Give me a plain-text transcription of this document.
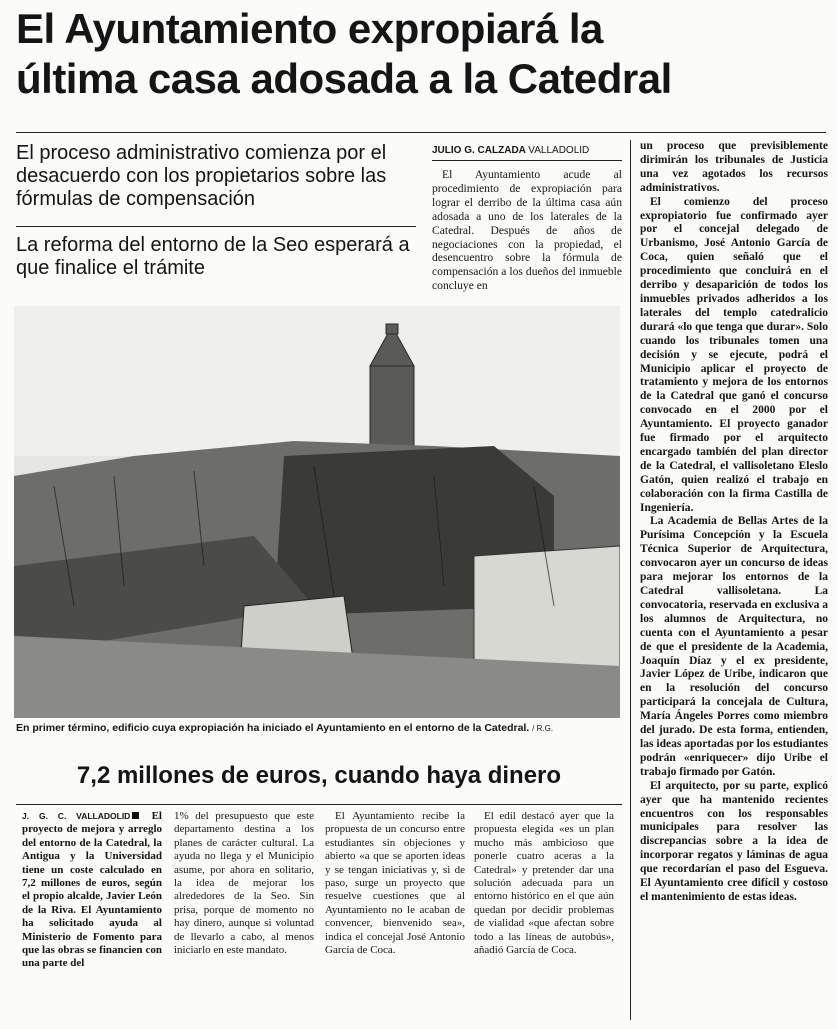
El Ayuntamiento expropiará la
última casa adosada a la Catedral

El proceso administrativo comienza por el desacuerdo con los propietarios sobre las fórmulas de compensación

La reforma del entorno de la Seo esperará a que finalice el trámite

JULIO G. CALZADA VALLADOLID

El Ayuntamiento acude al procedimiento de expropiación para lograr el derribo de la última casa aún adosada a uno de los laterales de la Catedral. Después de años de negociaciones con la propiedad, el desencuentro sobre la fórmula de compensación a los dueños del inmueble concluye en

un proceso que previsiblemente dirimirán los tribunales de Justicia una vez agotados los recursos administrativos.

El comienzo del proceso expropiatorio fue confirmado ayer por el concejal delegado de Urbanismo, José Antonio García de Coca, quien señaló que el procedimiento que concluirá en el derribo y desaparición de todos los inmuebles privados adheridos a los laterales del templo catedralicio durará «lo que tenga que durar». Solo cuando los tribunales tomen una decisión y se ejecute, podrá el Municipio aplicar el proyecto de tratamiento y mejora de los entornos de la Catedral que ganó el concurso convocado en el 2000 por el Ayuntamiento. El proyecto ganador fue firmado por el arquitecto encargado también del plan director de la Catedral, el vallisoletano Eleslo Gatón, quien realizó el trabajo en colaboración con la firma Castilla de Ingeniería.

La Academia de Bellas Artes de la Purísima Concepción y la Escuela Técnica Superior de Arquitectura, convocaron ayer un concurso de ideas para mejorar los entornos de la Catedral vallisoletana. La convocatoria, reservada en exclusiva a los alumnos de Arquitectura, no cuenta con el Ayuntamiento a pesar de que el presidente de la Academia, Joaquín Díaz y el ex presidente, Javier López de Uribe, indicaron que en la resolución del concurso participará la concejala de Cultura, María Ángeles Porres como miembro del jurado. De esta forma, entienden, las ideas aportadas por los estudiantes podrán «enriquecer» dijo Uribe el trabajo firmado por Gatón.

El arquitecto, por su parte, explicó ayer que ha mantenido recientes encuentros con los responsables municipales para resolver las discrepancias sobre a la idea de incorporar regatos y láminas de agua que recordarían el paso del Esgueva. El Ayuntamiento cree difícil y costoso el mantenimiento de estas ideas.

En primer término, edificio cuya expropiación ha iniciado el Ayuntamiento en el entorno de la Catedral. / R.G.
7,2 millones de euros, cuando haya dinero

J. G. C. VALLADOLID El proyecto de mejora y arreglo del entorno de la Catedral, la Antigua y la Universidad tiene un coste calculado en 7,2 millones de euros, según el propio alcalde, Javier León de la Riva. El Ayuntamiento ha solicitado ayuda al Ministerio de Fomento para que las obras se financien con una parte del

1% del presupuesto que este departamento destina a los planes de carácter cultural. La ayuda no llega y el Municipio asume, por ahora en solitario, la idea de mejorar los alrededores de la Seo. Sin prisa, porque de momento no hay dinero, aunque si voluntad de llevarlo a cabo, al menos iniciarlo en este mandato.

El Ayuntamiento recibe la propuesta de un concurso entre estudiantes sin objeciones y abierto «a que se aporten ideas y se tengan iniciativas y, si de paso, surge un proyecto que resuelve cuestiones que al Ayuntamiento no le acaban de convencer, bienvenido sea», indica el concejal José Antonio García de Coca.

El edil destacó ayer que la propuesta elegida «es un plan mucho más ambicioso que ponerle cuatro aceras a la Catedral» y pretender dar una solución adecuada para un entorno histórico en el que aún quedan por decidir problemas de vialidad «que afectan sobre todo a las líneas de autobús», añadió García de Coca.
